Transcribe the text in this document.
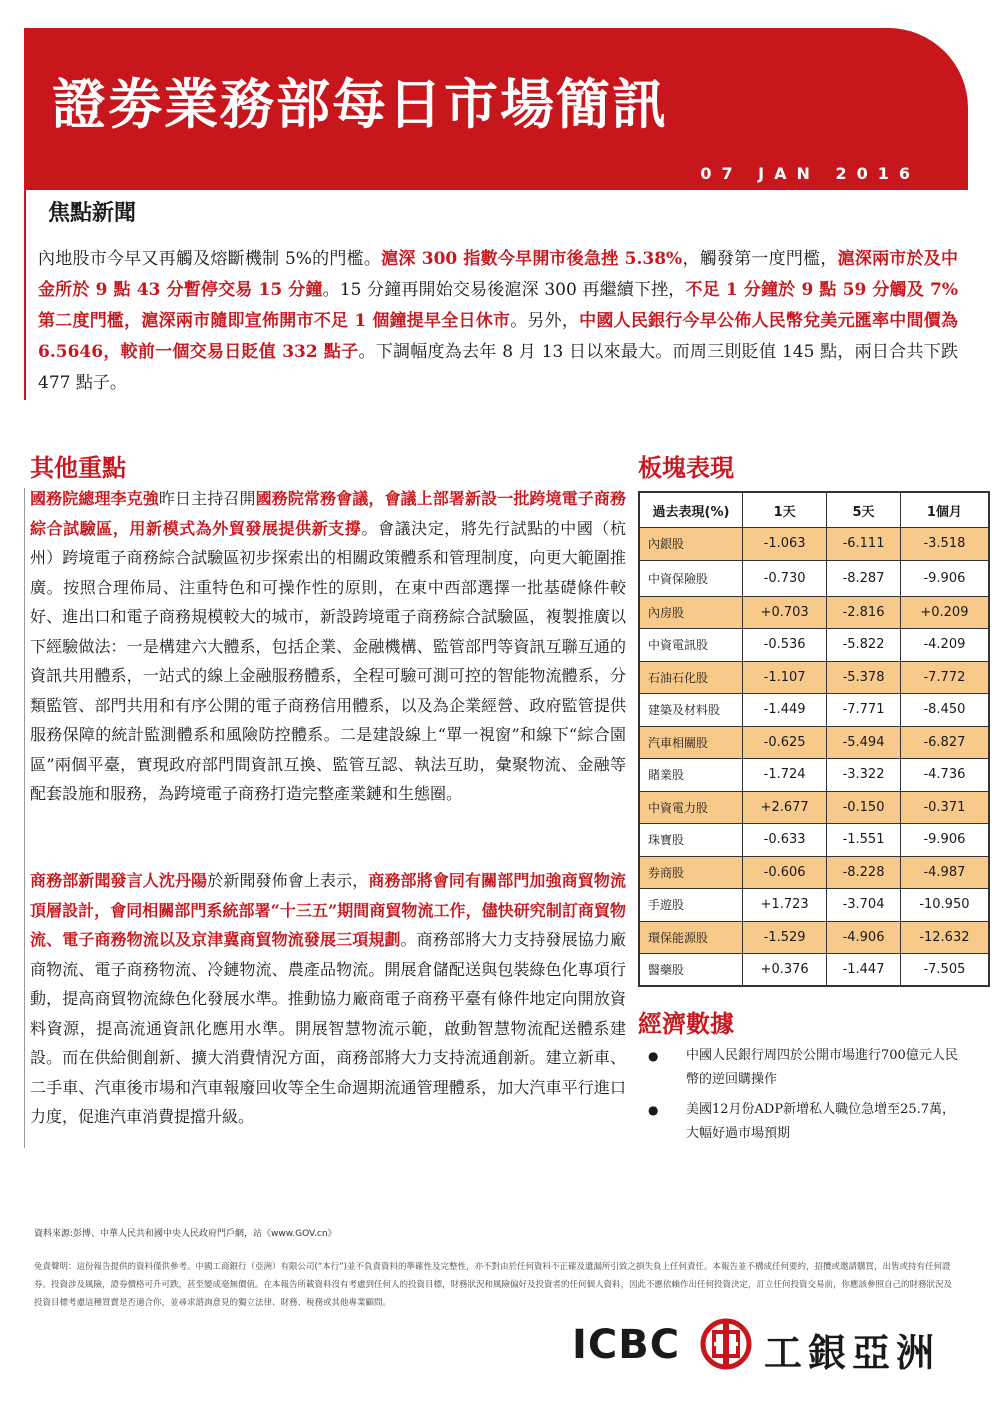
證劵業務部每日市場簡訊
07 JAN 2016
焦點新聞
內地股市今早又再觸及熔斷機制 5%的門檻。滬深 300 指數今早開市後急挫 5.38%，觸發第一度門檻，滬深兩市於及中金所於 9 點 43 分暫停交易 15 分鐘。15 分鐘再開始交易後滬深 300 再繼續下挫，不足 1 分鐘於 9 點 59 分觸及 7%第二度門檻，滬深兩市隨即宣佈開市不足 1 個鐘提早全日休市。另外，中國人民銀行今早公佈人民幣兌美元匯率中間價為 6.5646，較前一個交易日貶值 332 點子。下調幅度為去年 8 月 13 日以來最大。而周三則貶值 145 點，兩日合共下跌 477 點子。
其他重點
國務院總理李克強昨日主持召開國務院常務會議，會議上部署新設一批跨境電子商務綜合試驗區，用新模式為外貿發展提供新支撐。會議決定，將先行試點的中國（杭州）跨境電子商務綜合試驗區初步探索出的相關政策體系和管理制度，向更大範圍推廣。按照合理佈局、注重特色和可操作性的原則，在東中西部選擇一批基礎條件較好、進出口和電子商務規模較大的城市，新設跨境電子商務綜合試驗區，複製推廣以下經驗做法：一是構建六大體系，包括企業、金融機構、監管部門等資訊互聯互通的資訊共用體系，一站式的線上金融服務體系，全程可驗可測可控的智能物流體系，分類監管、部門共用和有序公開的電子商務信用體系，以及為企業經營、政府監管提供服務保障的統計監測體系和風險防控體系。二是建設線上“單一視窗”和線下“綜合園區”兩個平臺，實現政府部門間資訊互換、監管互認、執法互助，彙聚物流、金融等配套設施和服務，為跨境電子商務打造完整產業鏈和生態圈。
商務部新聞發言人沈丹陽於新聞發佈會上表示，商務部將會同有關部門加強商貿物流頂層設計，會同相關部門系統部署“十三五”期間商貿物流工作，儘快研究制訂商貿物流、電子商務物流以及京津冀商貿物流發展三項規劃。商務部將大力支持發展協力廠商物流、電子商務物流、冷鏈物流、農產品物流。開展倉儲配送與包裝綠色化專項行動，提高商貿物流綠色化發展水準。推動協力廠商電子商務平臺有條件地定向開放資料資源，提高流通資訊化應用水準。開展智慧物流示範，啟動智慧物流配送體系建設。而在供給側創新、擴大消費情況方面，商務部將大力支持流通創新。建立新車、二手車、汽車後市場和汽車報廢回收等全生命週期流通管理體系，加大汽車平行進口力度，促進汽車消費提擋升級。
板塊表現
過去表現(%)	1天	5天	1個月
內銀股	-1.063	-6.111	-3.518
中資保險股	-0.730	-8.287	-9.906
內房股	+0.703	-2.816	+0.209
中資電訊股	-0.536	-5.822	-4.209
石油石化股	-1.107	-5.378	-7.772
建築及材料股	-1.449	-7.771	-8.450
汽車相關股	-0.625	-5.494	-6.827
賭業股	-1.724	-3.322	-4.736
中資電力股	+2.677	-0.150	-0.371
珠寶股	-0.633	-1.551	-9.906
券商股	-0.606	-8.228	-4.987
手遊股	+1.723	-3.704	-10.950
環保能源股	-1.529	-4.906	-12.632
醫藥股	+0.376	-1.447	-7.505
經濟數據
● 中國人民銀行周四於公開市場進行700億元人民幣的逆回購操作
● 美國12月份ADP新增私人職位急增至25.7萬，大幅好過市場預期
資料來源:彭博、中華人民共和國中央人民政府門戶網，站《www.GOV.cn》
免責聲明：這份報告提供的資料僅供參考。中國工商銀行（亞洲）有限公司(“本行”)並不負責資料的準確性及完整性，亦不對由於任何資料不正確及遺漏所引致之損失負上任何責任。本報告並不構成任何要約，招攬或邀請購買，出售或持有任何證券。投資涉及風險，證券價格可升可跌，甚至變成毫無價值。在本報告所載資料沒有考慮到任何人的投資目標，財務狀況和風險偏好及投資者的任何個人資料，因此不應依賴作出任何投資決定，訂立任何投資交易前，你應該參照自己的財務狀況及投資目標考慮這種買賣是否適合你，並尋求諮詢意見的獨立法律、財務、稅務或其他專業顧問。
ICBC 工銀亞洲
